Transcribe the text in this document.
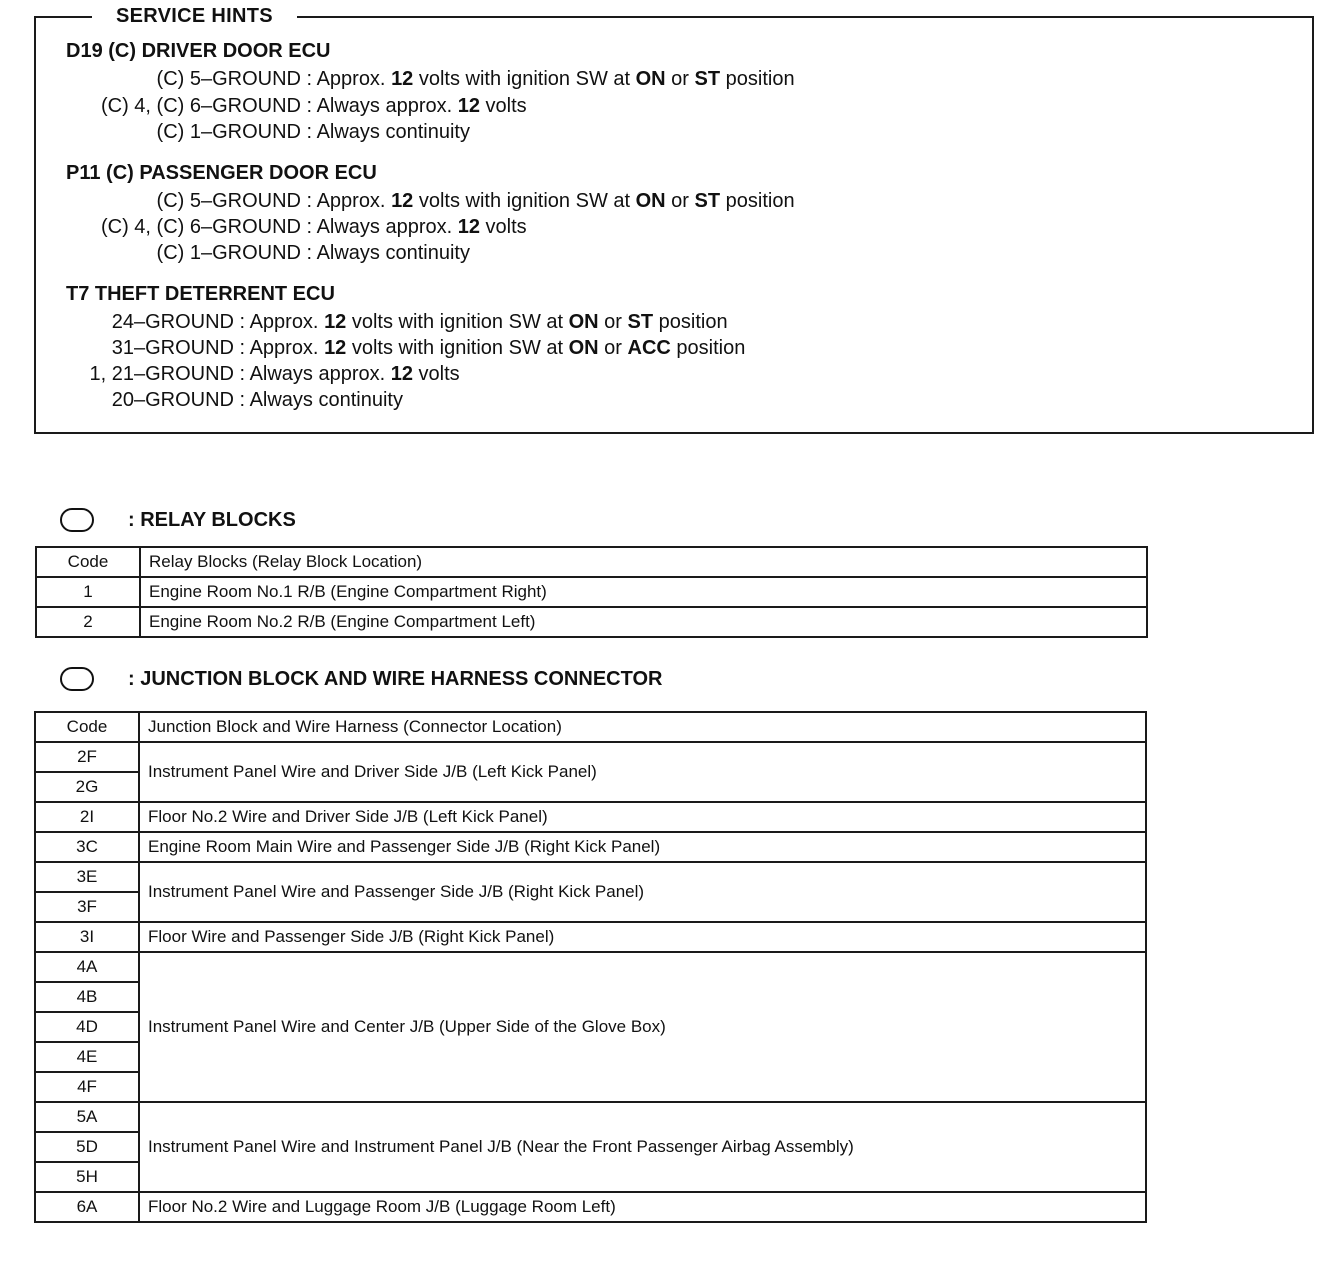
D19 (C) DRIVER DOOR ECU
(C) 5–GROUND : Approx. 12 volts with ignition SW at ON or ST position
(C) 4, (C) 6–GROUND : Always approx. 12 volts
(C) 1–GROUND : Always continuity
P11 (C) PASSENGER DOOR ECU
(C) 5–GROUND : Approx. 12 volts with ignition SW at ON or ST position
(C) 4, (C) 6–GROUND : Always approx. 12 volts
(C) 1–GROUND : Always continuity
T7 THEFT DETERRENT ECU
24–GROUND : Approx. 12 volts with ignition SW at ON or ST position
31–GROUND : Approx. 12 volts with ignition SW at ON or ACC position
1, 21–GROUND : Always approx. 12 volts
20–GROUND : Always continuity
SERVICE HINTS
: RELAY BLOCKS
Code	Relay Blocks (Relay Block Location)
1	Engine Room No.1 R/B (Engine Compartment Right)
2	Engine Room No.2 R/B (Engine Compartment Left)
: JUNCTION BLOCK AND WIRE HARNESS CONNECTOR
Code	Junction Block and Wire Harness (Connector Location)
2F	Instrument Panel Wire and Driver Side J/B (Left Kick Panel)
2G	
2I	Floor No.2 Wire and Driver Side J/B (Left Kick Panel)
3C	Engine Room Main Wire and Passenger Side J/B (Right Kick Panel)
3E	Instrument Panel Wire and Passenger Side J/B (Right Kick Panel)
3F	
3I	Floor Wire and Passenger Side J/B (Right Kick Panel)
4A	Instrument Panel Wire and Center J/B (Upper Side of the Glove Box)
4B	
4D	
4E	
4F	
5A	Instrument Panel Wire and Instrument Panel J/B (Near the Front Passenger Airbag Assembly)
5D	
5H	
6A	Floor No.2 Wire and Luggage Room J/B (Luggage Room Left)
